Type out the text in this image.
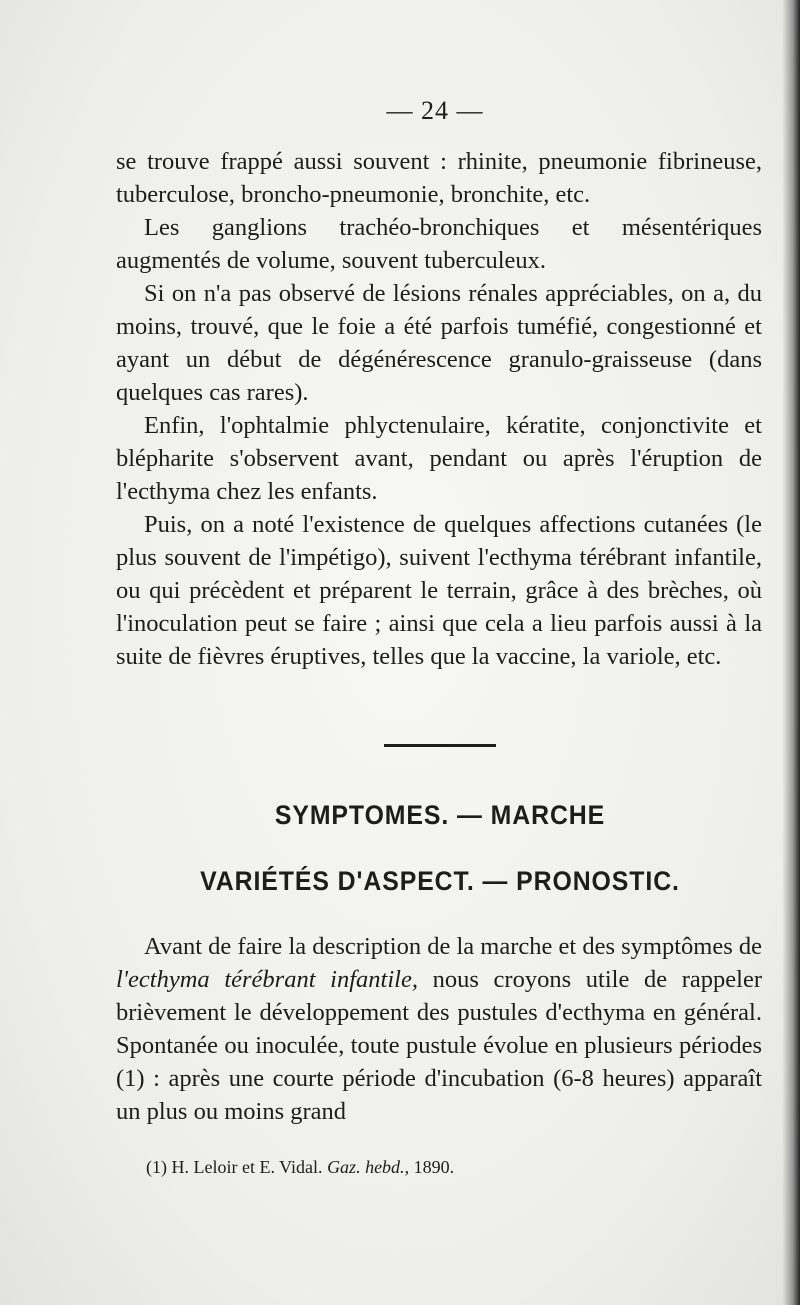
— 24 —

se trouve frappé aussi souvent : rhinite, pneumonie fibrineuse, tuberculose, broncho-pneumonie, bronchite, etc.

Les ganglions trachéo-bronchiques et mésentériques augmentés de volume, souvent tuberculeux.

Si on n'a pas observé de lésions rénales appréciables, on a, du moins, trouvé, que le foie a été parfois tuméfié, congestionné et ayant un début de dégénérescence granulo-graisseuse (dans quelques cas rares).

Enfin, l'ophtalmie phlyctenulaire, kératite, conjonctivite et blépharite s'observent avant, pendant ou après l'éruption de l'ecthyma chez les enfants.

Puis, on a noté l'existence de quelques affections cutanées (le plus souvent de l'impétigo), suivent l'ecthyma térébrant infantile, ou qui précèdent et préparent le terrain, grâce à des brèches, où l'inoculation peut se faire ; ainsi que cela a lieu parfois aussi à la suite de fièvres éruptives, telles que la vaccine, la variole, etc.

SYMPTOMES. — MARCHE
VARIÉTÉS D'ASPECT. — PRONOSTIC.

Avant de faire la description de la marche et des symptômes de l'ecthyma térébrant infantile, nous croyons utile de rappeler brièvement le développement des pustules d'ecthyma en général. Spontanée ou inoculée, toute pustule évolue en plusieurs périodes (1) : après une courte période d'incubation (6-8 heures) apparaît un plus ou moins grand

(1) H. Leloir et E. Vidal. Gaz. hebd., 1890.
